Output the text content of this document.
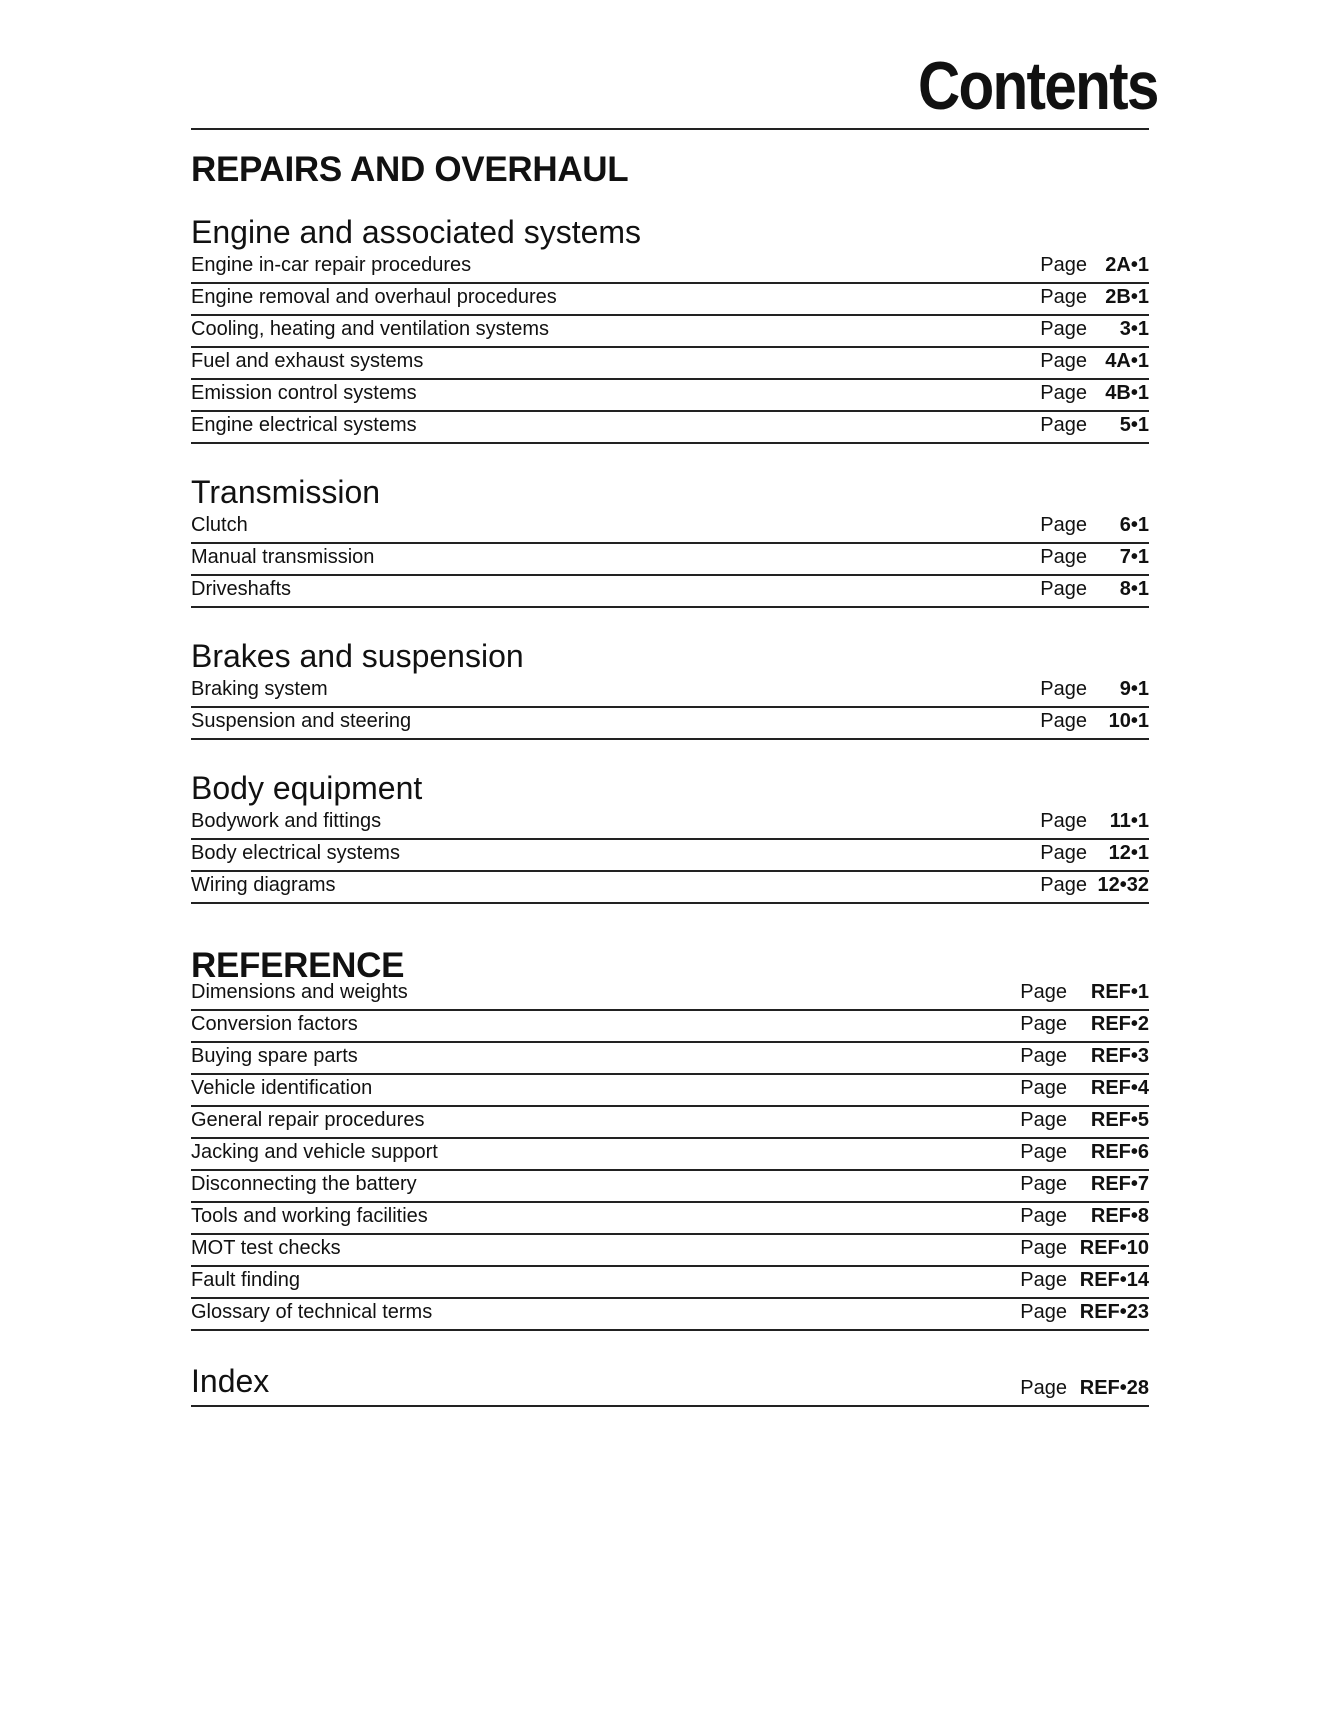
Contents
REPAIRS AND OVERHAUL
Engine and associated systems
Engine in-car repair procedures	Page 2A•1
Engine removal and overhaul procedures	Page 2B•1
Cooling, heating and ventilation systems	Page	3•1
Fuel and exhaust systems	Page 4A•1
Emission control systems	Page 4B•1
Engine electrical systems	Page	5•1
Transmission
Clutch	Page	6•1
Manual transmission	Page	7•1
Driveshafts	Page	8•1
Brakes and suspension
Braking system	Page	9•1
Suspension and steering	Page	10•1
Body equipment
Bodywork and fittings	Page	11•1
Body electrical systems	Page	12•1
Wiring diagrams	Page 12•32
REFERENCE
Dimensions and weights	Page	REF•1
Conversion factors	Page	REF•2
Buying spare parts	Page	REF•3
Vehicle identification	Page	REF•4
General repair procedures	Page	REF•5
Jacking and vehicle support	Page	REF•6
Disconnecting the battery	Page	REF•7
Tools and working facilities	Page	REF•8
MOT test checks	Page REF•10
Fault finding	Page REF•14
Glossary of technical terms	Page REF•23
Index	Page REF•28
